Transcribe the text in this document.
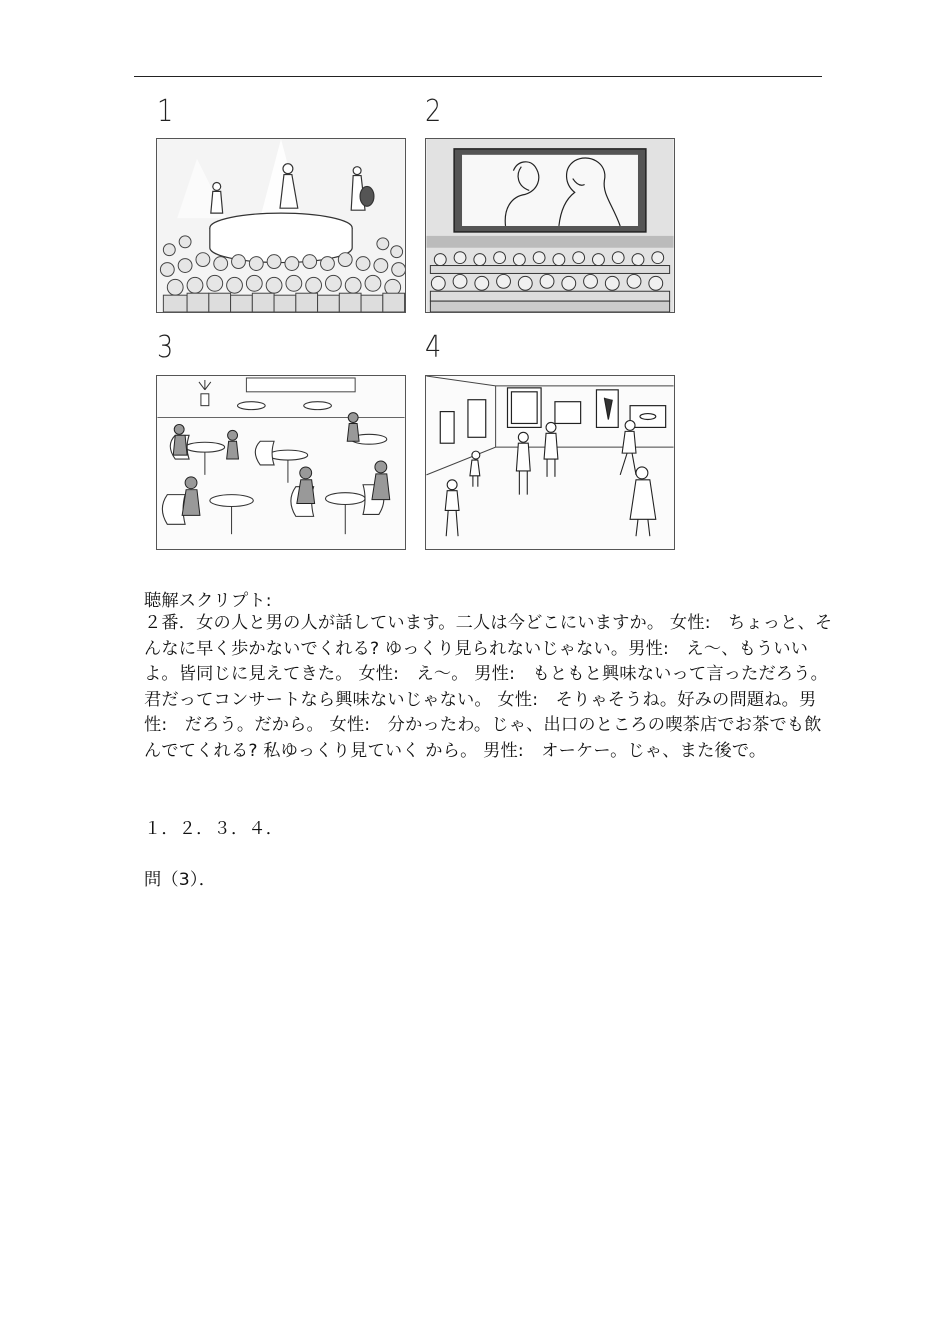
1	2
3	4
聴解スクリプト:
２番．女の人と男の人が話しています。二人は今どこにいますか。 女性:　ちょっと、そんなに早く歩かないでくれる? ゆっくり見られないじゃない。男性:　え～、もういいよ。皆同じに見えてきた。 女性:　え～。 男性:　もともと興味ないって言っただろう。君だってコンサートなら興味ないじゃない。 女性:　そりゃそうね。好みの問題ね。男性:　だろう。だから。 女性:　分かったわ。じゃ、出口のところの喫茶店でお茶でも飲んでてくれる? 私ゆっくり見ていく から。 男性:　オーケー。じゃ、また後で。
１．２．３．４．
問（3）．
